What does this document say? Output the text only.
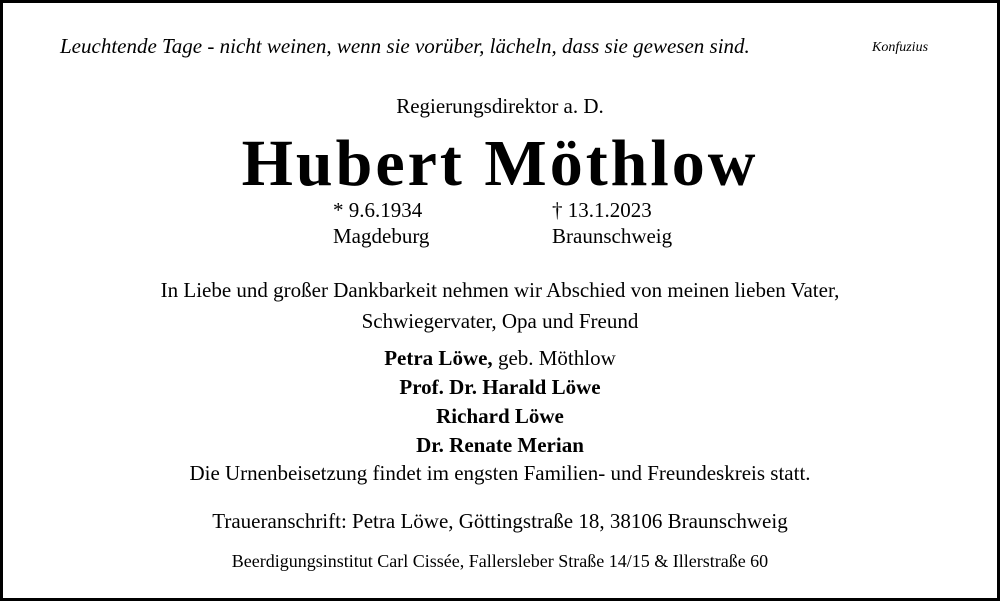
Leuchtende Tage - nicht weinen, wenn sie vorüber, lächeln, dass sie gewesen sind.	Konfuzius
Regierungsdirektor a. D.
Hubert Möthlow
* 9.6.1934
Magdeburg
† 13.1.2023
Braunschweig
In Liebe und großer Dankbarkeit nehmen wir Abschied von meinen lieben Vater,
Schwiegervater, Opa und Freund
Petra Löwe, geb. Möthlow
Prof. Dr. Harald Löwe
Richard Löwe
Dr. Renate Merian
Die Urnenbeisetzung findet im engsten Familien- und Freundeskreis statt.
Traueranschrift: Petra Löwe, Göttingstraße 18, 38106 Braunschweig
Beerdigungsinstitut Carl Cissée, Fallersleber Straße 14/15 & Illerstraße 60
